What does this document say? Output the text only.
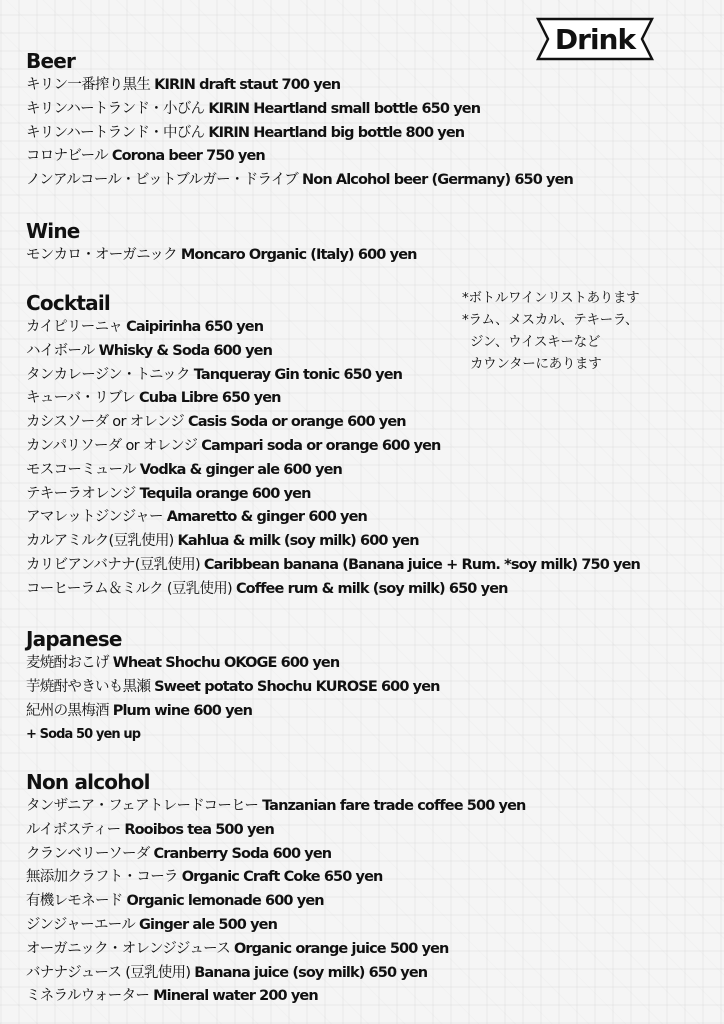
Drink
Beer
キリン一番搾り黒生 KIRIN draft staut 700 yen
キリンハートランド・小びん KIRIN Heartland small bottle 650 yen
キリンハートランド・中びん KIRIN Heartland big bottle 800 yen
コロナビール Corona beer 750 yen
ノンアルコール・ビットブルガー・ドライブ Non Alcohol beer (Germany) 650 yen
Wine
モンカロ・オーガニック Moncaro Organic (Italy) 600 yen
Cocktail
カイピリーニャ Caipirinha 650 yen
ハイボール Whisky & Soda 600 yen
タンカレージン・トニック Tanqueray Gin tonic 650 yen
キューバ・リブレ Cuba Libre 650 yen
カシスソーダ or オレンジ Casis Soda or orange 600 yen
カンパリソーダ or オレンジ Campari soda or orange 600 yen
モスコーミュール Vodka & ginger ale 600 yen
テキーラオレンジ Tequila orange 600 yen
アマレットジンジャー Amaretto & ginger 600 yen
カルアミルク(豆乳使用) Kahlua & milk (soy milk) 600 yen
カリビアンバナナ(豆乳使用) Caribbean banana (Banana juice + Rum. *soy milk) 750 yen
コーヒーラム＆ミルク (豆乳使用) Coffee rum & milk (soy milk) 650 yen
*ボトルワインリストあります
*ラム、メスカル、テキーラ、
ジン、ウイスキーなど
カウンターにあります
Japanese
麦焼酎おこげ Wheat Shochu OKOGE 600 yen
芋焼酎やきいも黒瀬 Sweet potato Shochu KUROSE 600 yen
紀州の黒梅酒 Plum wine 600 yen
+ Soda 50 yen up
Non alcohol
タンザニア・フェアトレードコーヒー Tanzanian fare trade coffee 500 yen
ルイボスティー Rooibos tea 500 yen
クランベリーソーダ Cranberry Soda 600 yen
無添加クラフト・コーラ Organic Craft Coke 650 yen
有機レモネード Organic lemonade 600 yen
ジンジャーエール Ginger ale 500 yen
オーガニック・オレンジジュース Organic orange juice 500 yen
バナナジュース (豆乳使用) Banana juice (soy milk) 650 yen
ミネラルウォーター Mineral water 200 yen
